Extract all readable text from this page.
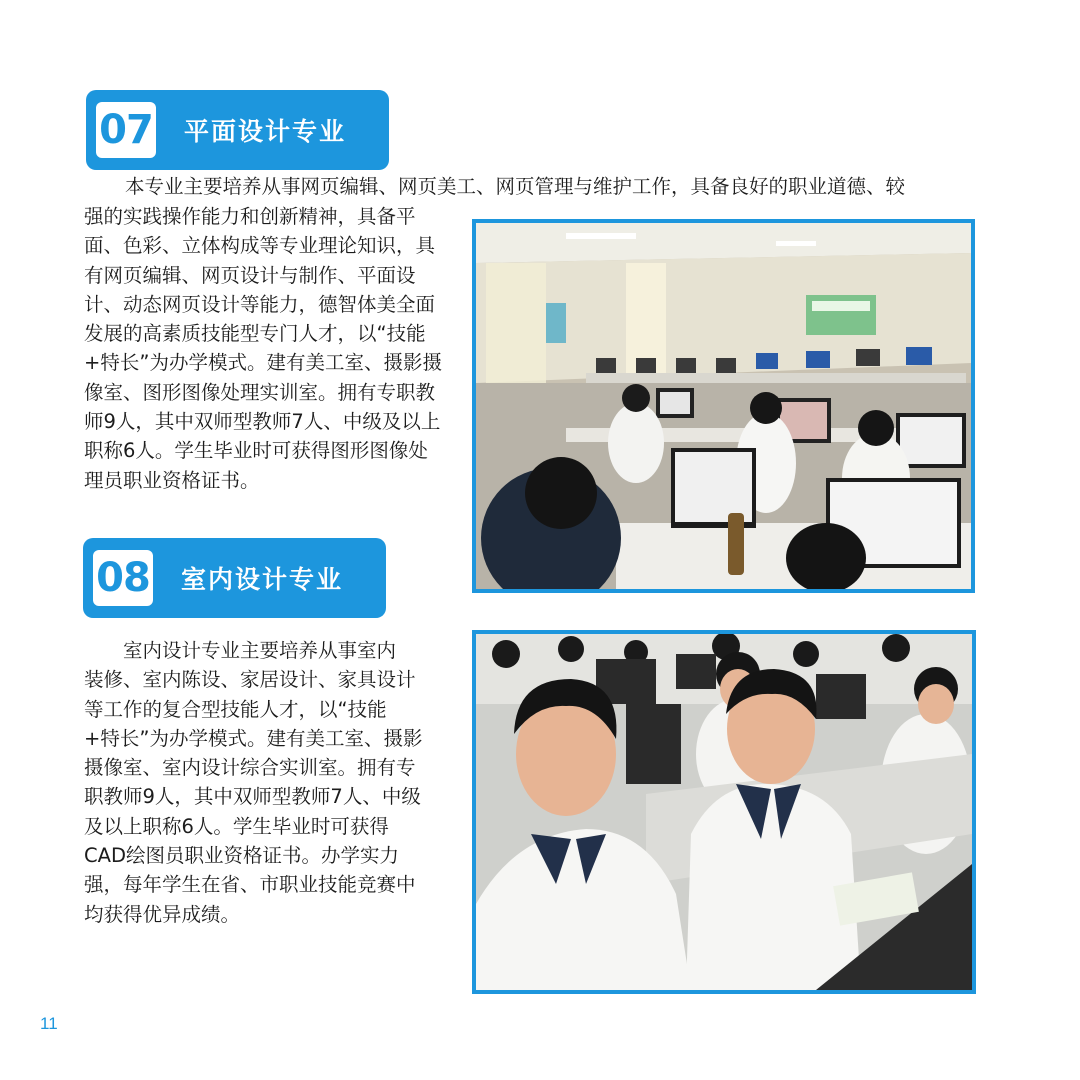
07 平面设计专业

本专业主要培养从事网页编辑、网页美工、网页管理与维护工作，具备良好的职业道德、较

强的实践操作能力和创新精神，具备平
面、色彩、立体构成等专业理论知识，具
有网页编辑、网页设计与制作、平面设
计、动态网页设计等能力，德智体美全面
发展的高素质技能型专门人才，以“技能
+特长”为办学模式。建有美工室、摄影摄
像室、图形图像处理实训室。拥有专职教
师9人，其中双师型教师7人、中级及以上
职称6人。学生毕业时可获得图形图像处
理员职业资格证书。
08 室内设计专业
室内设计专业主要培养从事室内
装修、室内陈设、家居设计、家具设计
等工作的复合型技能人才，以“技能
+特长”为办学模式。建有美工室、摄影
摄像室、室内设计综合实训室。拥有专
职教师9人，其中双师型教师7人、中级
及以上职称6人。学生毕业时可获得
CAD绘图员职业资格证书。办学实力
强，每年学生在省、市职业技能竞赛中
均获得优异成绩。
11
